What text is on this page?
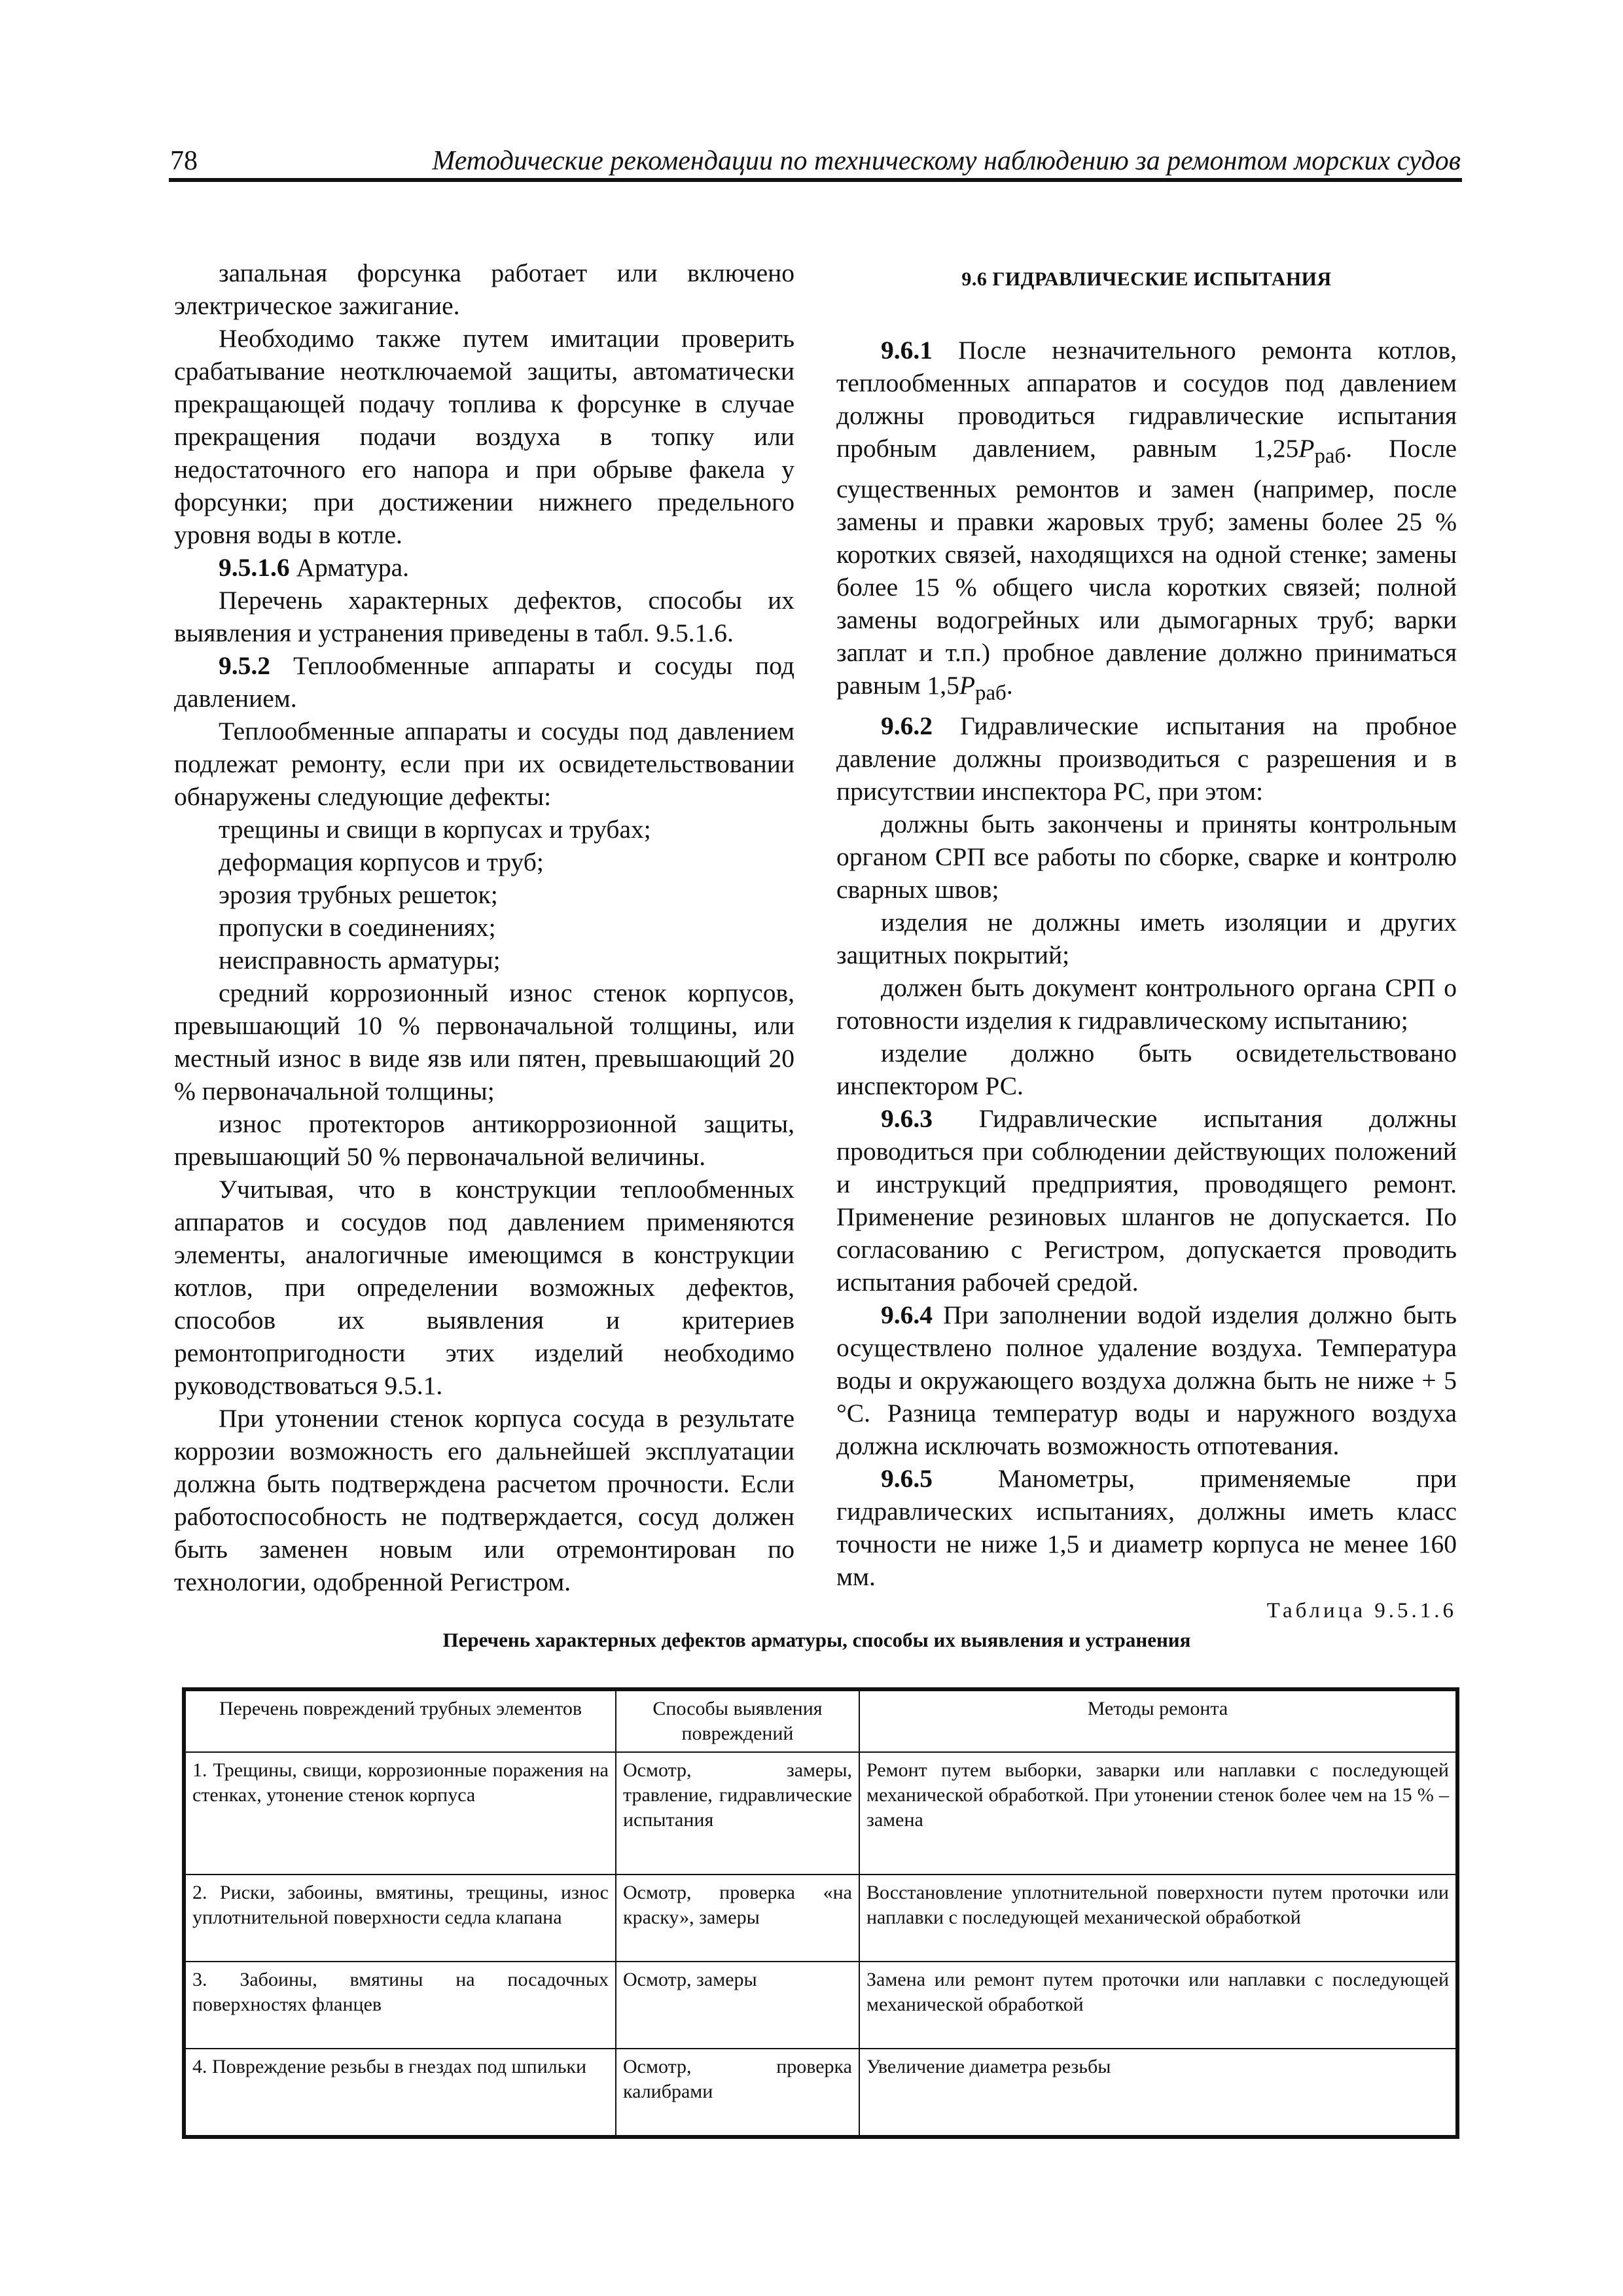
78	Методические рекомендации по техническому наблюдению за ремонтом морских судов

запальная форсунка работает или включено электрическое зажигание.

Необходимо также путем имитации проверить срабатывание неотключаемой защиты, автоматически прекращающей подачу топлива к форсунке в случае прекращения подачи воздуха в топку или недостаточного его напора и при обрыве факела у форсунки; при достижении нижнего предельного уровня воды в котле.

9.5.1.6 Арматура.

Перечень характерных дефектов, способы их выявления и устранения приведены в табл. 9.5.1.6.

9.5.2 Теплообменные аппараты и сосуды под давлением.

Теплообменные аппараты и сосуды под давлением подлежат ремонту, если при их освидетельствовании обнаружены следующие дефекты:

трещины и свищи в корпусах и трубах;

деформация корпусов и труб;

эрозия трубных решеток;

пропуски в соединениях;

неисправность арматуры;

средний коррозионный износ стенок корпусов, превышающий 10 % первоначальной толщины, или местный износ в виде язв или пятен, превышающий 20 % первоначальной толщины;

износ протекторов антикоррозионной защиты, превышающий 50 % первоначальной величины.

Учитывая, что в конструкции теплообменных аппаратов и сосудов под давлением применяются элементы, аналогичные имеющимся в конструкции котлов, при определении возможных дефектов, способов их выявления и критериев ремонтопригодности этих изделий необходимо руководствоваться 9.5.1.

При утонении стенок корпуса сосуда в результате коррозии возможность его дальнейшей эксплуатации должна быть подтверждена расчетом прочности. Если работоспособность не подтверждается, сосуд должен быть заменен новым или отремонтирован по технологии, одобренной Регистром.

9.6 ГИДРАВЛИЧЕСКИЕ ИСПЫТАНИЯ

9.6.1 После незначительного ремонта котлов, теплообменных аппаратов и сосудов под давлением должны проводиться гидравлические испытания пробным давлением, равным $1,25P_{раб}$. После существенных ремонтов и замен (например, после замены и правки жаровых труб; замены более 25 % коротких связей, находящихся на одной стенке; замены более 15 % общего числа коротких связей; полной замены водогрейных или дымогарных труб; варки заплат и т.п.) пробное давление должно приниматься равным $1,5P_{раб}$.

9.6.2 Гидравлические испытания на пробное давление должны производиться с разрешения и в присутствии инспектора РС, при этом:

должны быть закончены и приняты контрольным органом СРП все работы по сборке, сварке и контролю сварных швов;

изделия не должны иметь изоляции и других защитных покрытий;

должен быть документ контрольного органа СРП о готовности изделия к гидравлическому испытанию;

изделие должно быть освидетельствовано инспектором РС.

9.6.3 Гидравлические испытания должны проводиться при соблюдении действующих положений и инструкций предприятия, проводящего ремонт. Применение резиновых шлангов не допускается. По согласованию с Регистром, допускается проводить испытания рабочей средой.

9.6.4 При заполнении водой изделия должно быть осуществлено полное удаление воздуха. Температура воды и окружающего воздуха должна быть не ниже + 5 °С. Разница температур воды и наружного воздуха должна исключать возможность отпотевания.

9.6.5 Манометры, применяемые при гидравлических испытаниях, должны иметь класс точности не ниже 1,5 и диаметр корпуса не менее 160 мм.

Таблица 9.5.1.6
Перечень характерных дефектов арматуры, способы их выявления и устранения
Перечень повреждений трубных элементов	Способы выявления повреждений	Методы ремонта
1. Трещины, свищи, коррозионные поражения на стенках, утонение стенок корпуса	Осмотр, замеры, травление, гидравлические испытания	Ремонт путем выборки, заварки или наплавки с последующей механической обработкой. При утонении стенок более чем на 15 % – замена
2. Риски, забоины, вмятины, трещины, износ уплотнительной поверхности седла клапана	Осмотр, проверка «на краску», замеры	Восстановление уплотнительной поверхности путем проточки или наплавки с последующей механической обработкой
3. Забоины, вмятины на посадочных поверхностях фланцев	Осмотр, замеры	Замена или ремонт путем проточки или наплавки с последующей механической обработкой
4. Повреждение резьбы в гнездах под шпильки	Осмотр, проверка калибрами	Увеличение диаметра резьбы
